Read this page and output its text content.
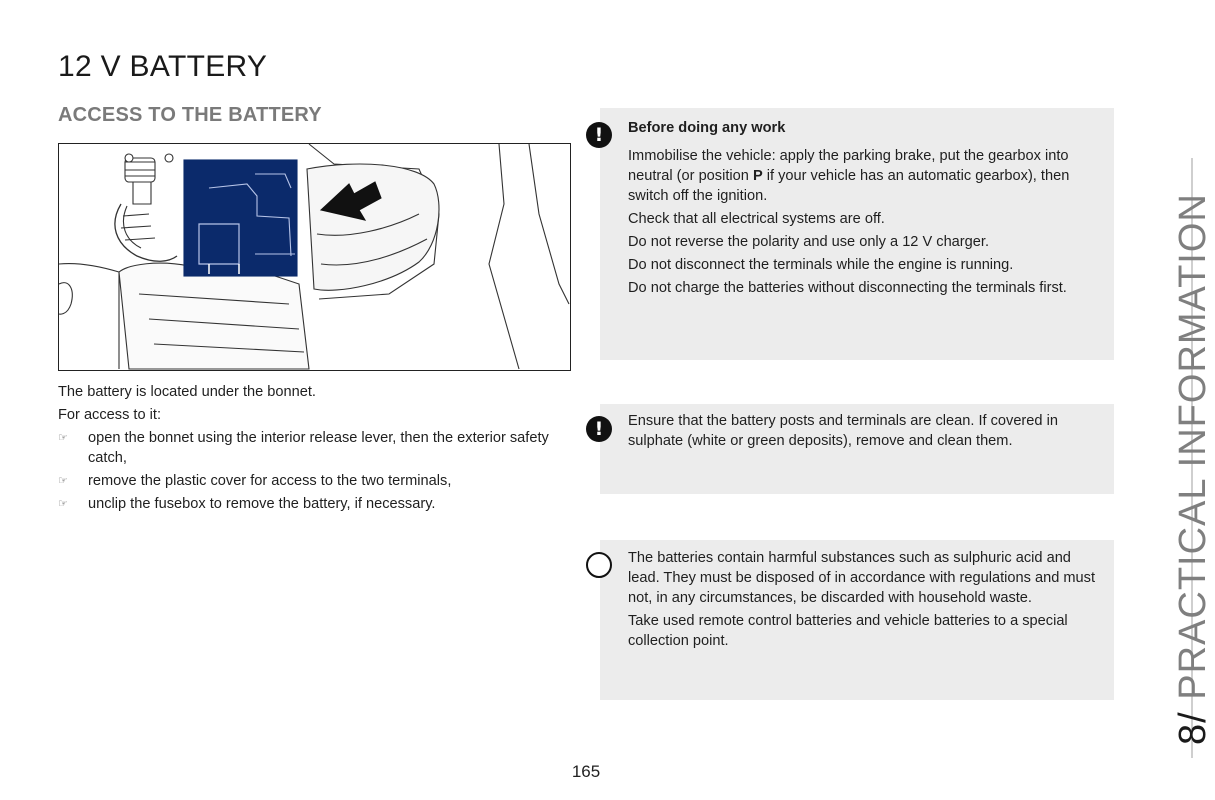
12 V BATTERY
ACCESS TO THE BATTERY

The battery is located under the bonnet.

For access to it:

☞ open the bonnet using the interior release lever, then the exterior safety catch,
☞ remove the plastic cover for access to the two terminals,
☞ unclip the fusebox to remove the battery, if necessary.
!	Before doing any work

Immobilise the vehicle: apply the parking brake, put the gearbox into neutral (or position P if your vehicle has an automatic gearbox), then switch off the ignition.

Check that all electrical systems are off.

Do not reverse the polarity and use only a 12 V charger.

Do not disconnect the terminals while the engine is running.

Do not charge the batteries without disconnecting the terminals first.

!	Ensure that the battery posts and terminals are clean. If covered in sulphate (white or green deposits), remove and clean them.

♣	The batteries contain harmful substances such as sulphuric acid and lead. They must be disposed of in accordance with regulations and must not, in any circumstances, be discarded with household waste.

Take used remote control batteries and vehicle batteries to a special collection point.

165
8/ PRACTICAL INFORMATION
